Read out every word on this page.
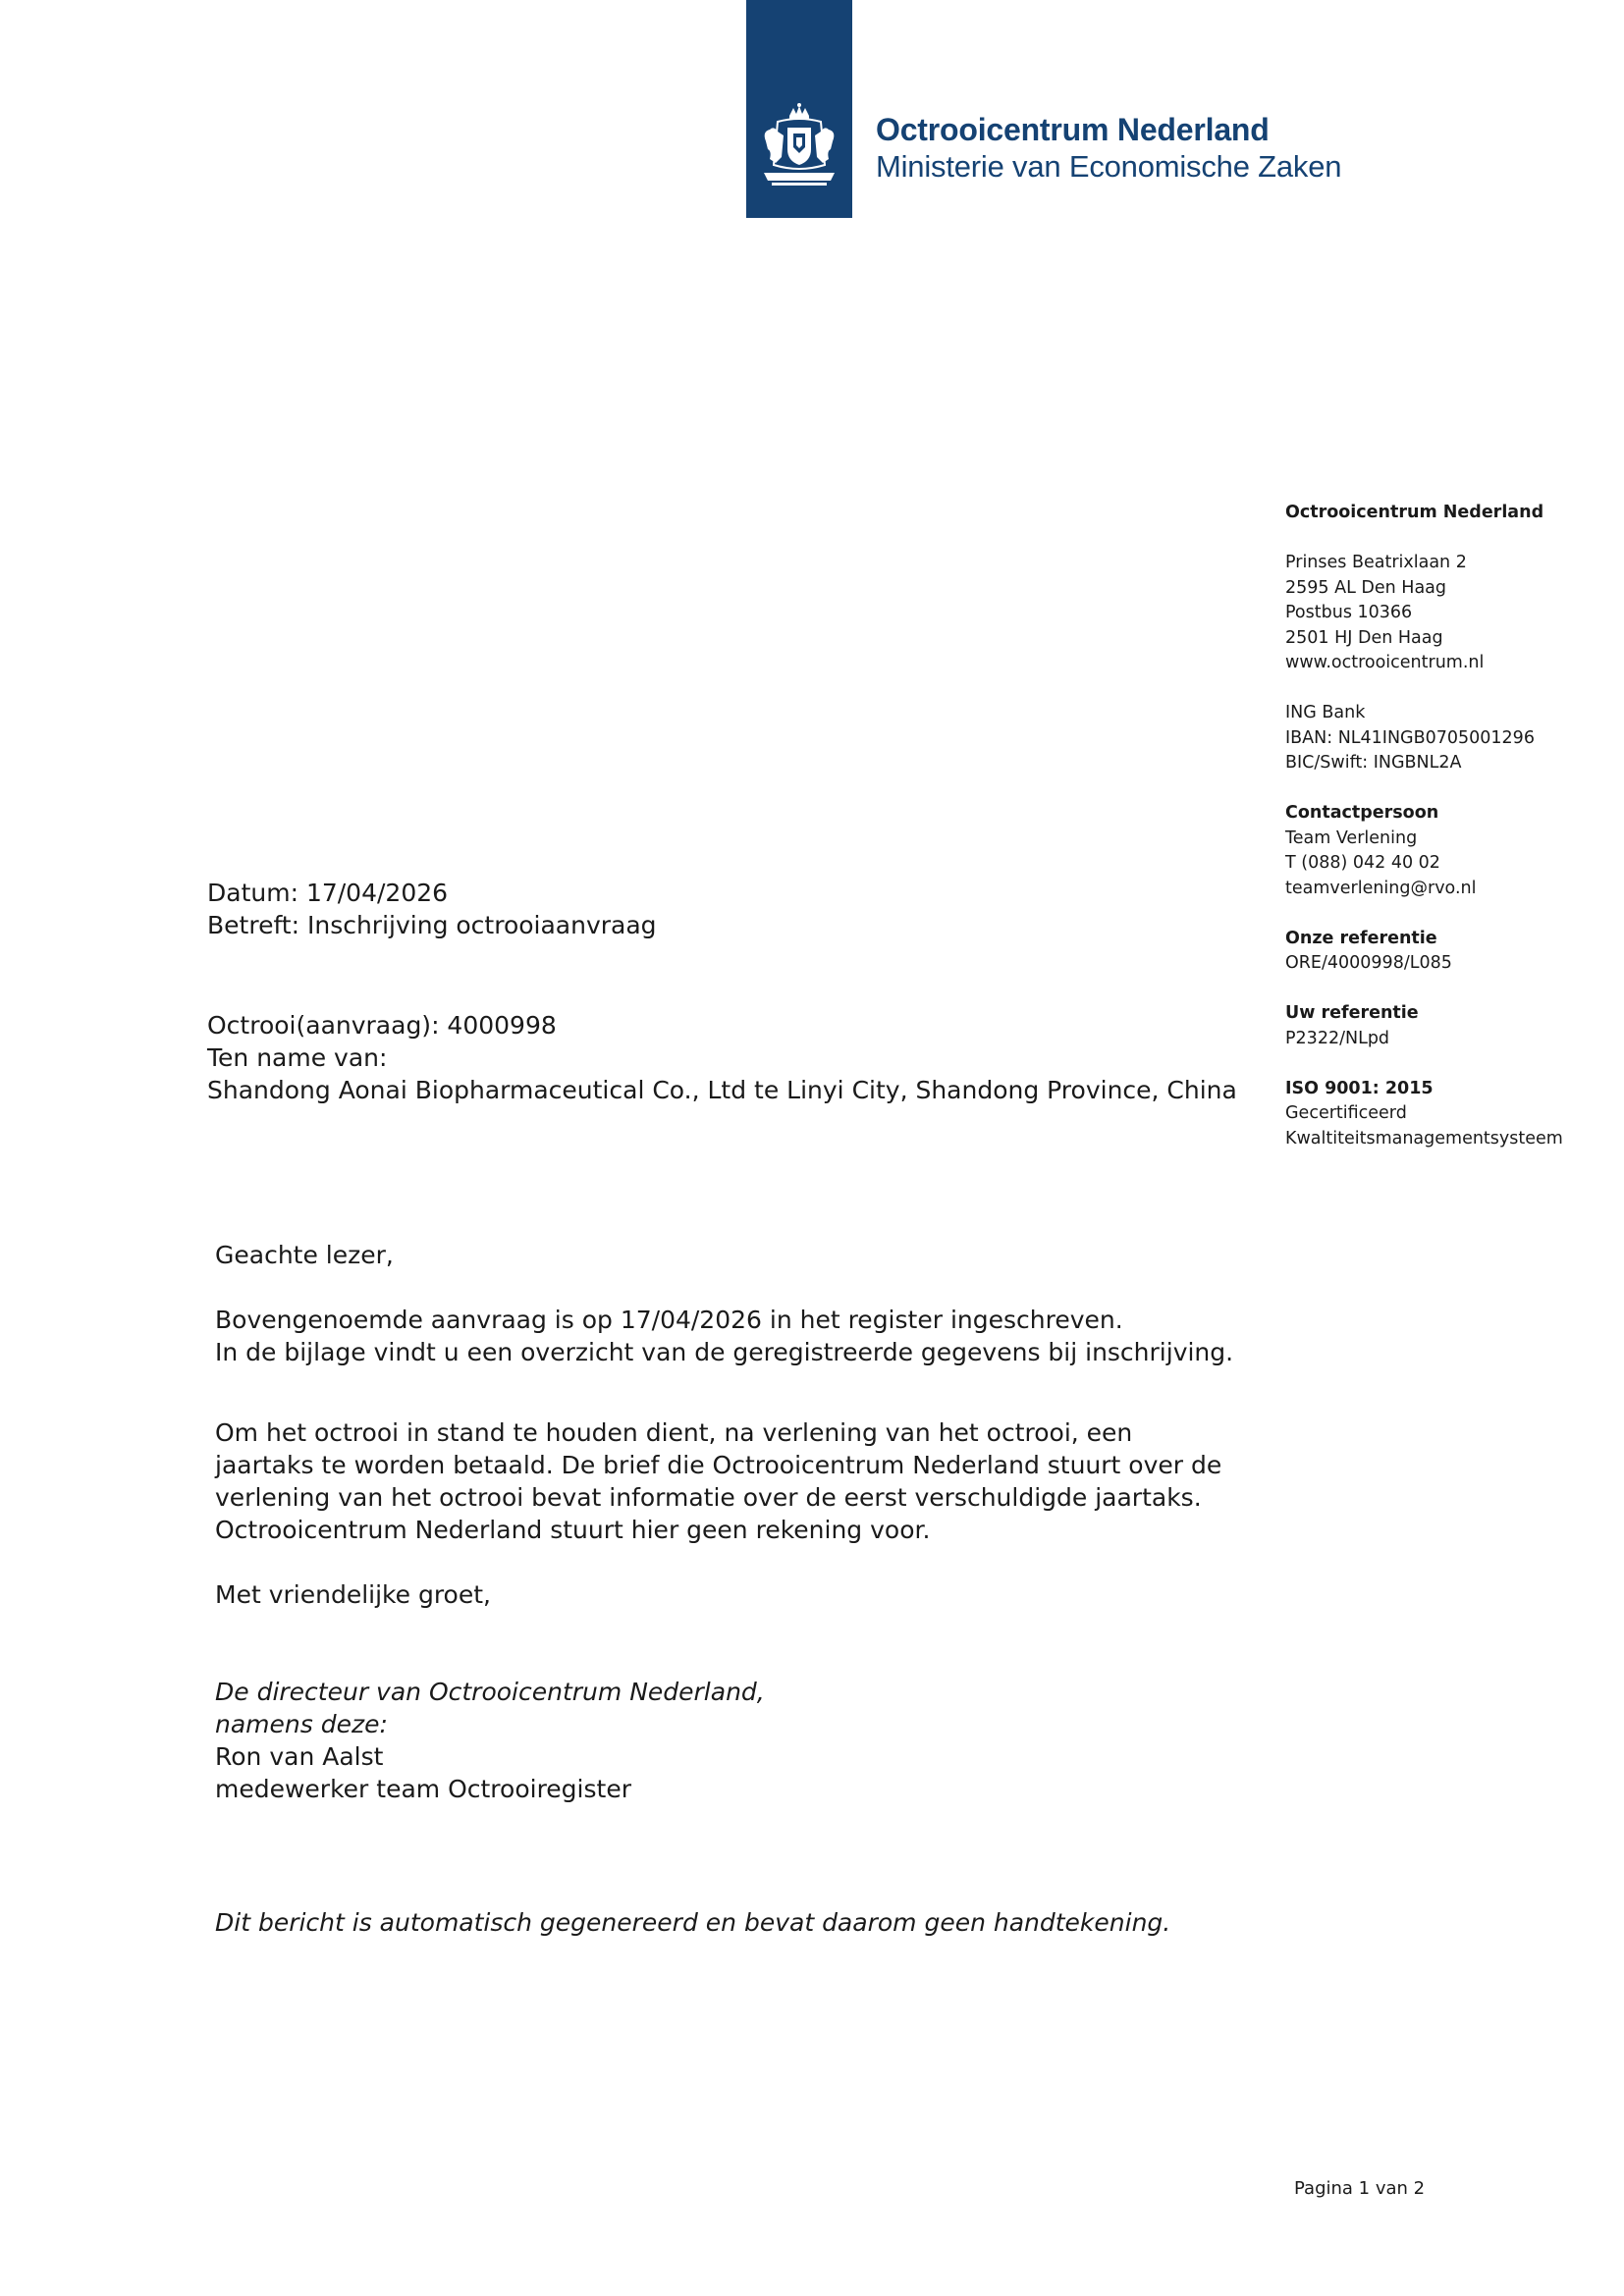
Octrooicentrum Nederland
Ministerie van Economische Zaken
Octrooicentrum Nederland
Prinses Beatrixlaan 2
2595 AL Den Haag
Postbus 10366
2501 HJ Den Haag
www.octrooicentrum.nl
ING Bank
IBAN: NL41INGB0705001296
BIC/Swift: INGBNL2A
Contactpersoon
Team Verlening
T (088) 042 40 02
teamverlening@rvo.nl
Onze referentie
ORE/4000998/L085
Uw referentie
P2322/NLpd
ISO 9001: 2015
Gecertificeerd
Kwaltiteitsmanagementsysteem
Datum: 17/04/2026
Betreft: Inschrijving octrooiaanvraag
Octrooi(aanvraag): 4000998
Ten name van:
Shandong Aonai Biopharmaceutical Co., Ltd te Linyi City, Shandong Province, China
Geachte lezer,
Bovengenoemde aanvraag is op 17/04/2026 in het register ingeschreven.
In de bijlage vindt u een overzicht van de geregistreerde gegevens bij inschrijving.
Om het octrooi in stand te houden dient, na verlening van het octrooi, een
jaartaks te worden betaald. De brief die Octrooicentrum Nederland stuurt over de
verlening van het octrooi bevat informatie over de eerst verschuldigde jaartaks.
Octrooicentrum Nederland stuurt hier geen rekening voor.
Met vriendelijke groet,
De directeur van Octrooicentrum Nederland,
namens deze:
Ron van Aalst
medewerker team Octrooiregister
Dit bericht is automatisch gegenereerd en bevat daarom geen handtekening.
Pagina 1 van 2
